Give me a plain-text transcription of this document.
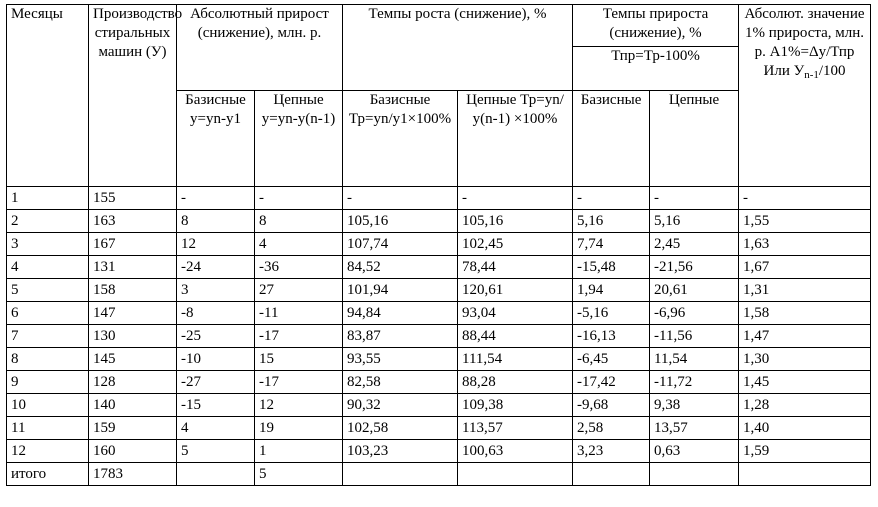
Месяцы	Производство стиральных машин (У)	Абсолютный прирост (снижение), млн. р.		Темпы роста (снижение), %		Темпы прироста (снижение), %		Абсолют. значение 1% прироста, млн. р. А1%=Δу/Тпр Или $У_{n-1}/100$
						Тпр=Тр-100%		
		Базисные у=уn-у1	Цепные у=уn-у(n-1)	Базисные Тр=уn/у1×100%	Цепные Тр=уn/у(n-1) ×100%	Базисные	Цепные	
1	155	-	-	-	-	-	-	-
2	163	8	8	105,16	105,16	5,16	5,16	1,55
3	167	12	4	107,74	102,45	7,74	2,45	1,63
4	131	-24	-36	84,52	78,44	-15,48	-21,56	1,67
5	158	3	27	101,94	120,61	1,94	20,61	1,31
6	147	-8	-11	94,84	93,04	-5,16	-6,96	1,58
7	130	-25	-17	83,87	88,44	-16,13	-11,56	1,47
8	145	-10	15	93,55	111,54	-6,45	11,54	1,30
9	128	-27	-17	82,58	88,28	-17,42	-11,72	1,45
10	140	-15	12	90,32	109,38	-9,68	9,38	1,28
11	159	4	19	102,58	113,57	2,58	13,57	1,40
12	160	5	1	103,23	100,63	3,23	0,63	1,59
итого	1783		5					
